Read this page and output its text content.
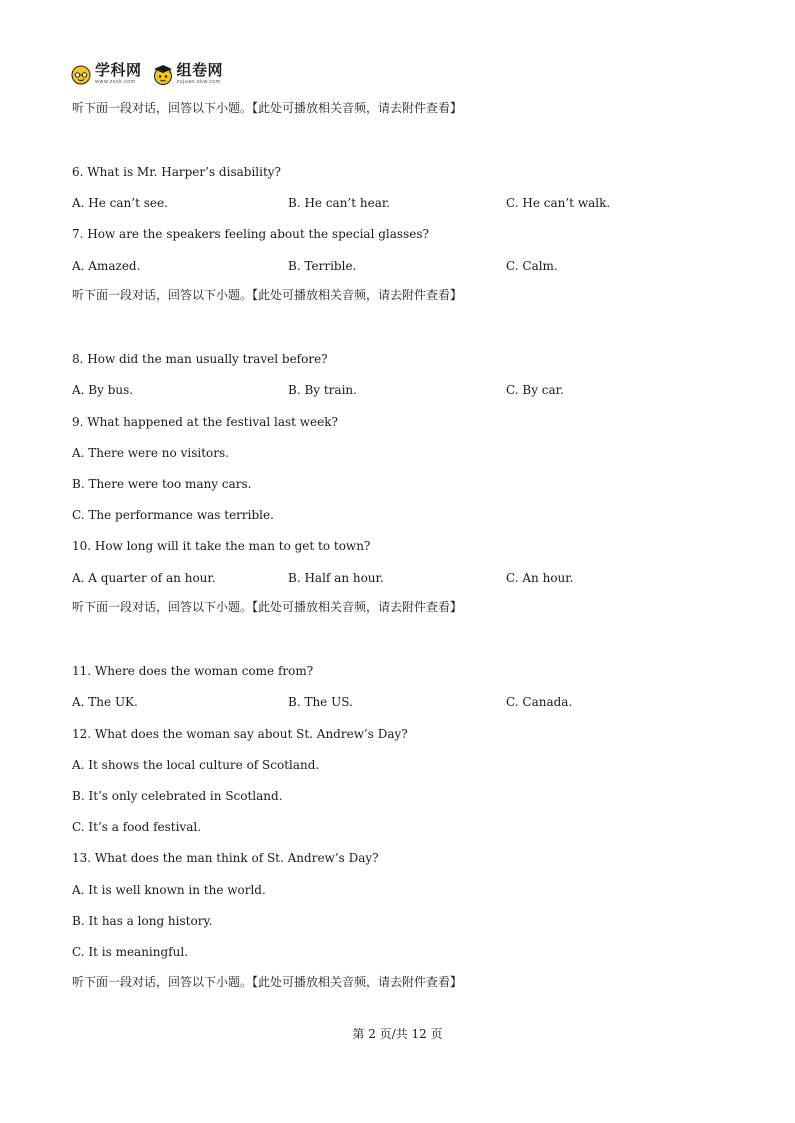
学科网
www.zxxk.com
组卷网
zujuan.xkw.com
听下面一段对话，回答以下小题。【此处可播放相关音频，请去附件查看】
6. What is Mr. Harper’s disability?
A. He can’t see.	B. He can’t hear.	C. He can’t walk.
7. How are the speakers feeling about the special glasses?
A. Amazed.	B. Terrible.	C. Calm.
听下面一段对话，回答以下小题。【此处可播放相关音频，请去附件查看】
8. How did the man usually travel before?
A. By bus.	B. By train.	C. By car.
9. What happened at the festival last week?
A. There were no visitors.
B. There were too many cars.
C. The performance was terrible.
10. How long will it take the man to get to town?
A. A quarter of an hour.	B. Half an hour.	C. An hour.
听下面一段对话，回答以下小题。【此处可播放相关音频，请去附件查看】
11. Where does the woman come from?
A. The UK.	B. The US.	C. Canada.
12. What does the woman say about St. Andrew’s Day?
A. It shows the local culture of Scotland.
B. It’s only celebrated in Scotland.
C. It’s a food festival.
13. What does the man think of St. Andrew’s Day?
A. It is well known in the world.
B. It has a long history.
C. It is meaningful.
听下面一段对话，回答以下小题。【此处可播放相关音频，请去附件查看】
第 2 页/共 12 页
